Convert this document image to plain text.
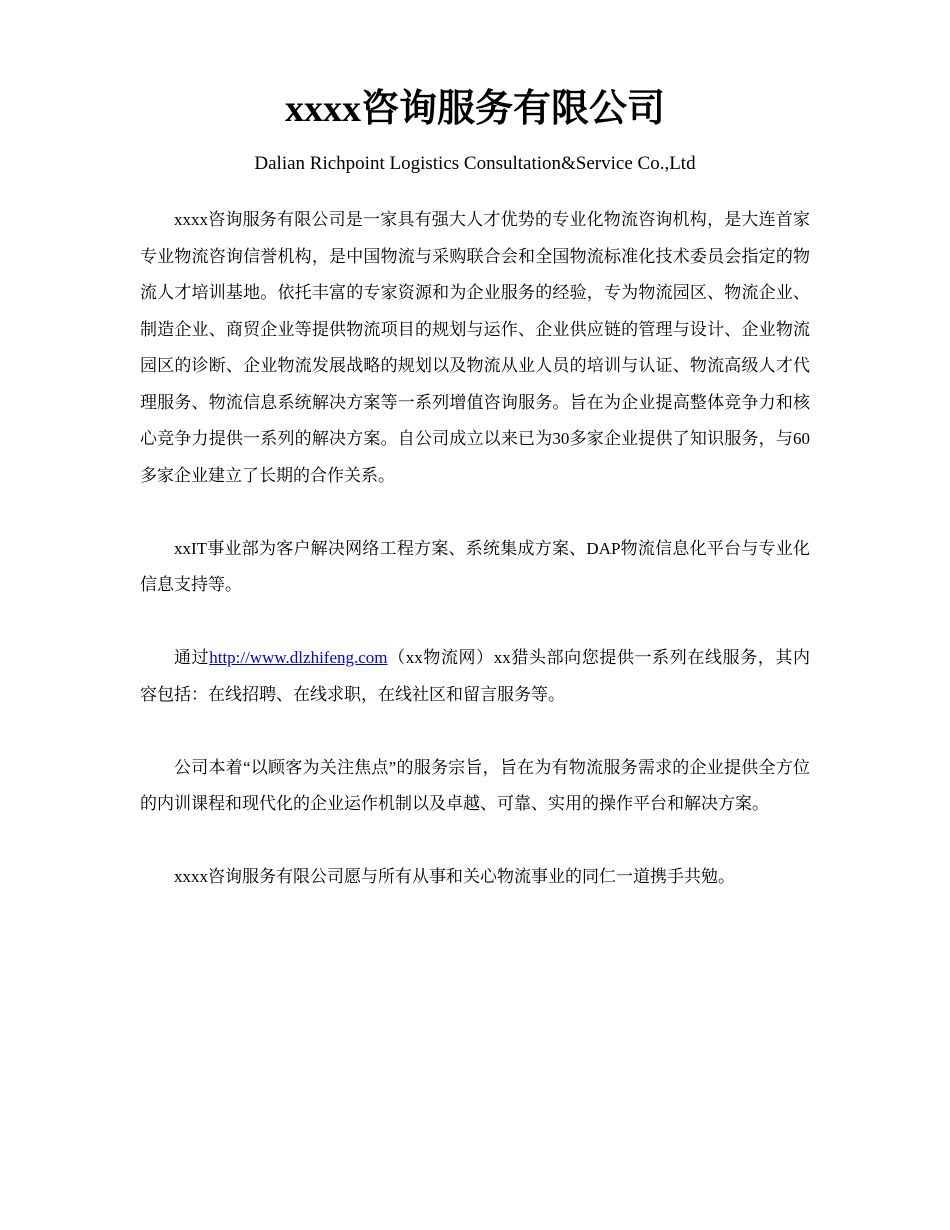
xxxx咨询服务有限公司

Dalian Richpoint Logistics Consultation&Service Co.,Ltd

xxxx咨询服务有限公司是一家具有强大人才优势的专业化物流咨询机构，是大连首家专业物流咨询信誉机构，是中国物流与采购联合会和全国物流标准化技术委员会指定的物流人才培训基地。依托丰富的专家资源和为企业服务的经验，专为物流园区、物流企业、制造企业、商贸企业等提供物流项目的规划与运作、企业供应链的管理与设计、企业物流园区的诊断、企业物流发展战略的规划以及物流从业人员的培训与认证、物流高级人才代理服务、物流信息系统解决方案等一系列增值咨询服务。旨在为企业提高整体竞争力和核心竞争力提供一系列的解决方案。自公司成立以来已为30多家企业提供了知识服务，与60多家企业建立了长期的合作关系。

xxIT事业部为客户解决网络工程方案、系统集成方案、DAP物流信息化平台与专业化信息支持等。

通过http://www.dlzhifeng.com（xx物流网）xx猎头部向您提供一系列在线服务，其内容包括：在线招聘、在线求职，在线社区和留言服务等。

公司本着“以顾客为关注焦点”的服务宗旨，旨在为有物流服务需求的企业提供全方位的内训课程和现代化的企业运作机制以及卓越、可靠、实用的操作平台和解决方案。

xxxx咨询服务有限公司愿与所有从事和关心物流事业的同仁一道携手共勉。
